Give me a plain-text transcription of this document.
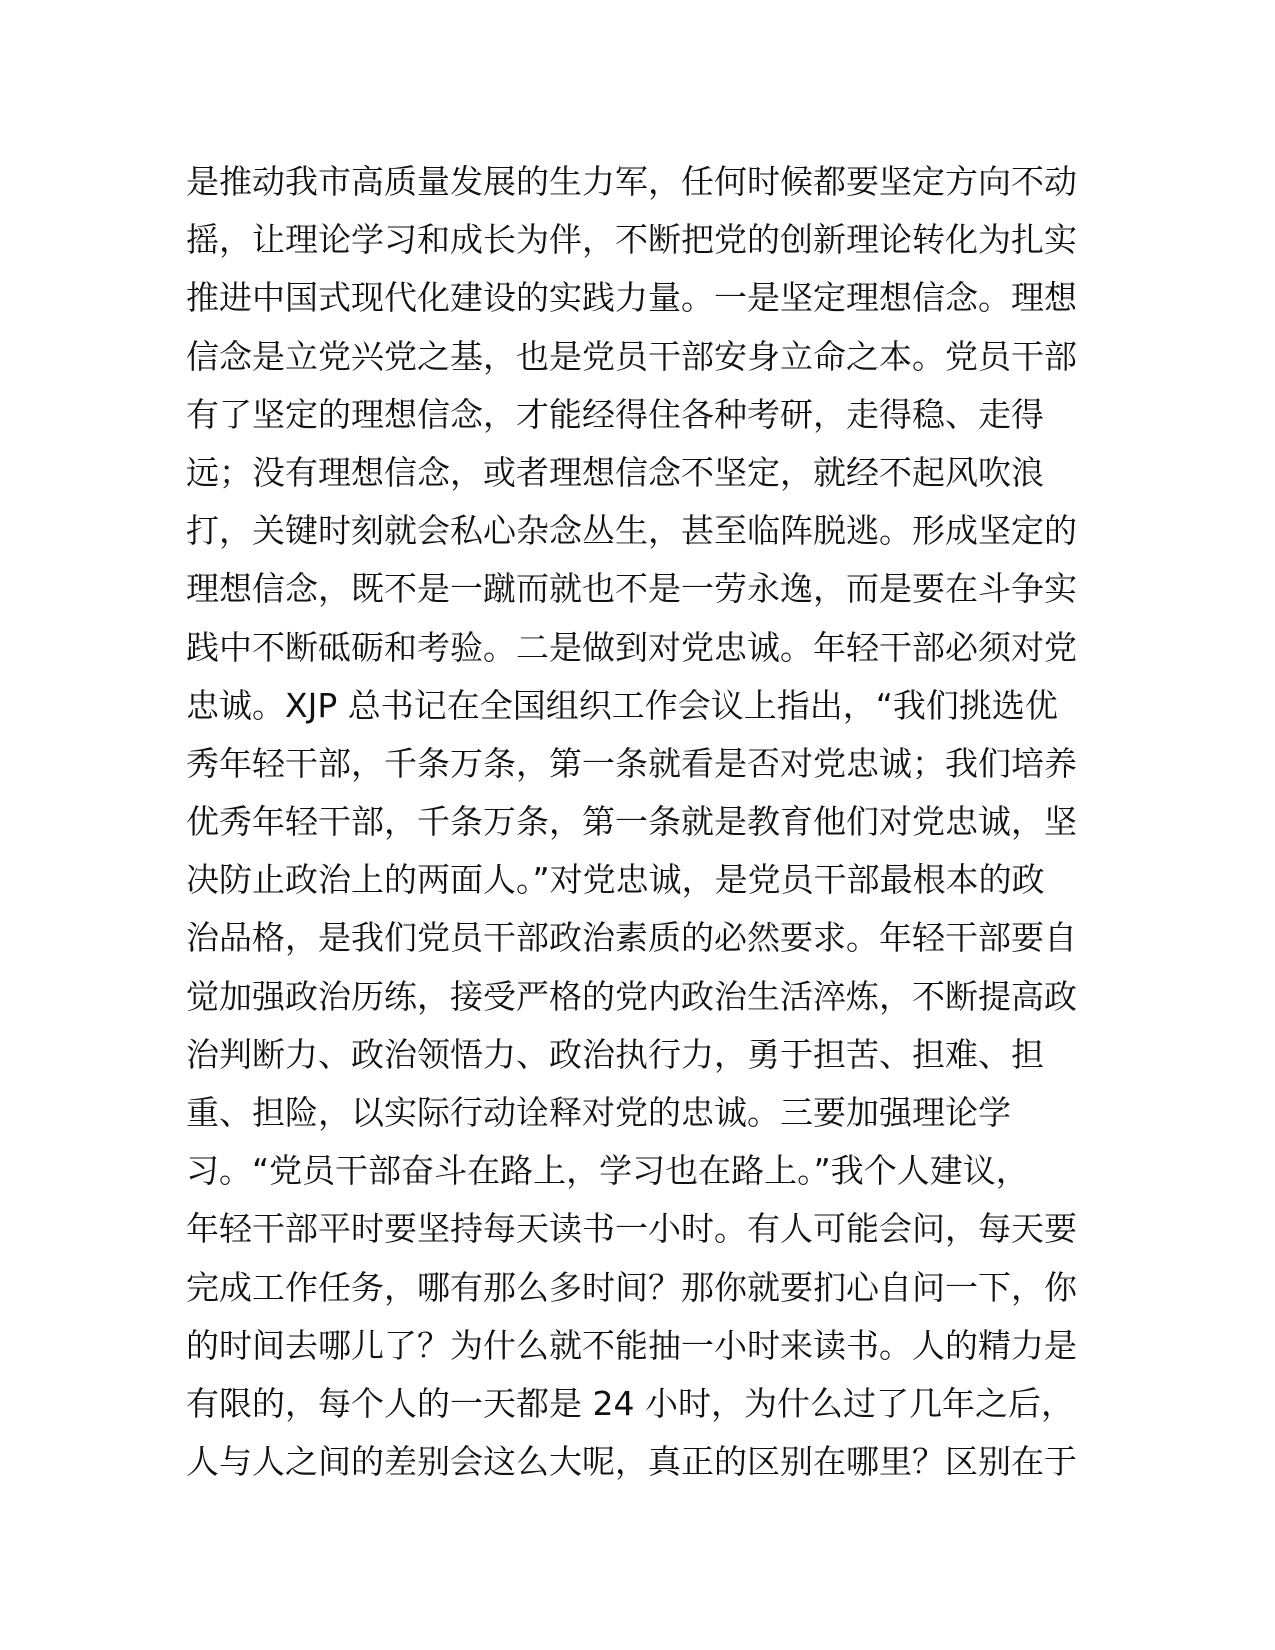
是推动我市高质量发展的生力军，任何时候都要坚定方向不动
摇，让理论学习和成长为伴，不断把党的创新理论转化为扎实
推进中国式现代化建设的实践力量。一是坚定理想信念。理想
信念是立党兴党之基，也是党员干部安身立命之本。党员干部
有了坚定的理想信念，才能经得住各种考研，走得稳、走得
远；没有理想信念，或者理想信念不坚定，就经不起风吹浪
打，关键时刻就会私心杂念丛生，甚至临阵脱逃。形成坚定的
理想信念，既不是一蹴而就也不是一劳永逸，而是要在斗争实
践中不断砥砺和考验。二是做到对党忠诚。年轻干部必须对党
忠诚。XJP 总书记在全国组织工作会议上指出，“我们挑选优
秀年轻干部，千条万条，第一条就看是否对党忠诚；我们培养
优秀年轻干部，千条万条，第一条就是教育他们对党忠诚，坚
决防止政治上的两面人。”对党忠诚，是党员干部最根本的政
治品格，是我们党员干部政治素质的必然要求。年轻干部要自
觉加强政治历练，接受严格的党内政治生活淬炼，不断提高政
治判断力、政治领悟力、政治执行力，勇于担苦、担难、担
重、担险，以实际行动诠释对党的忠诚。三要加强理论学
习。“党员干部奋斗在路上，学习也在路上。”我个人建议，
年轻干部平时要坚持每天读书一小时。有人可能会问，每天要
完成工作任务，哪有那么多时间？那你就要扪心自问一下，你
的时间去哪儿了？为什么就不能抽一小时来读书。人的精力是
有限的，每个人的一天都是 24 小时，为什么过了几年之后，
人与人之间的差别会这么大呢，真正的区别在哪里？区别在于
